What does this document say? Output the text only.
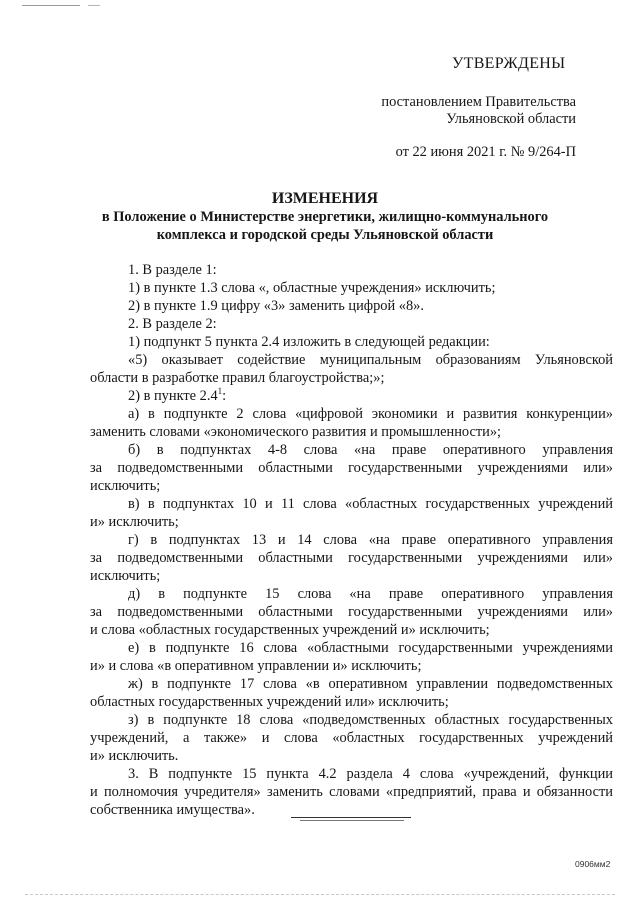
УТВЕРЖДЕНЫ
постановлением Правительства
Ульяновской области
от 22 июня 2021 г. № 9/264-П
ИЗМЕНЕНИЯ
в Положение о Министерстве энергетики, жилищно-коммунального
комплекса и городской среды Ульяновской области
1. В разделе 1:
1) в пункте 1.3 слова «, областные учреждения» исключить;
2) в пункте 1.9 цифру «3» заменить цифрой «8».
2. В разделе 2:
1) подпункт 5 пункта 2.4 изложить в следующей редакции:
«5) оказывает содействие муниципальным образованиям Ульяновской
области в разработке правил благоустройства;»;
2) в пункте $2.4^1$:
а) в подпункте 2 слова «цифровой экономики и развития конкуренции»
заменить словами «экономического развития и промышленности»;
б) в подпунктах 4-8 слова «на праве оперативного управления
за подведомственными областными государственными учреждениями или»
исключить;
в) в подпунктах 10 и 11 слова «областных государственных учреждений
и» исключить;
г) в подпунктах 13 и 14 слова «на праве оперативного управления
за подведомственными областными государственными учреждениями или»
исключить;
д) в подпункте 15 слова «на праве оперативного управления
за подведомственными областными государственными учреждениями или»
и слова «областных государственных учреждений и» исключить;
е) в подпункте 16 слова «областными государственными учреждениями
и» и слова «в оперативном управлении и» исключить;
ж) в подпункте 17 слова «в оперативном управлении подведомственных
областных государственных учреждений или» исключить;
з) в подпункте 18 слова «подведомственных областных государственных
учреждений, а также» и слова «областных государственных учреждений
и» исключить.
3. В подпункте 15 пункта 4.2 раздела 4 слова «учреждений, функции
и полномочия учредителя» заменить словами «предприятий, права и обязанности
собственника имущества».
0906мм2
